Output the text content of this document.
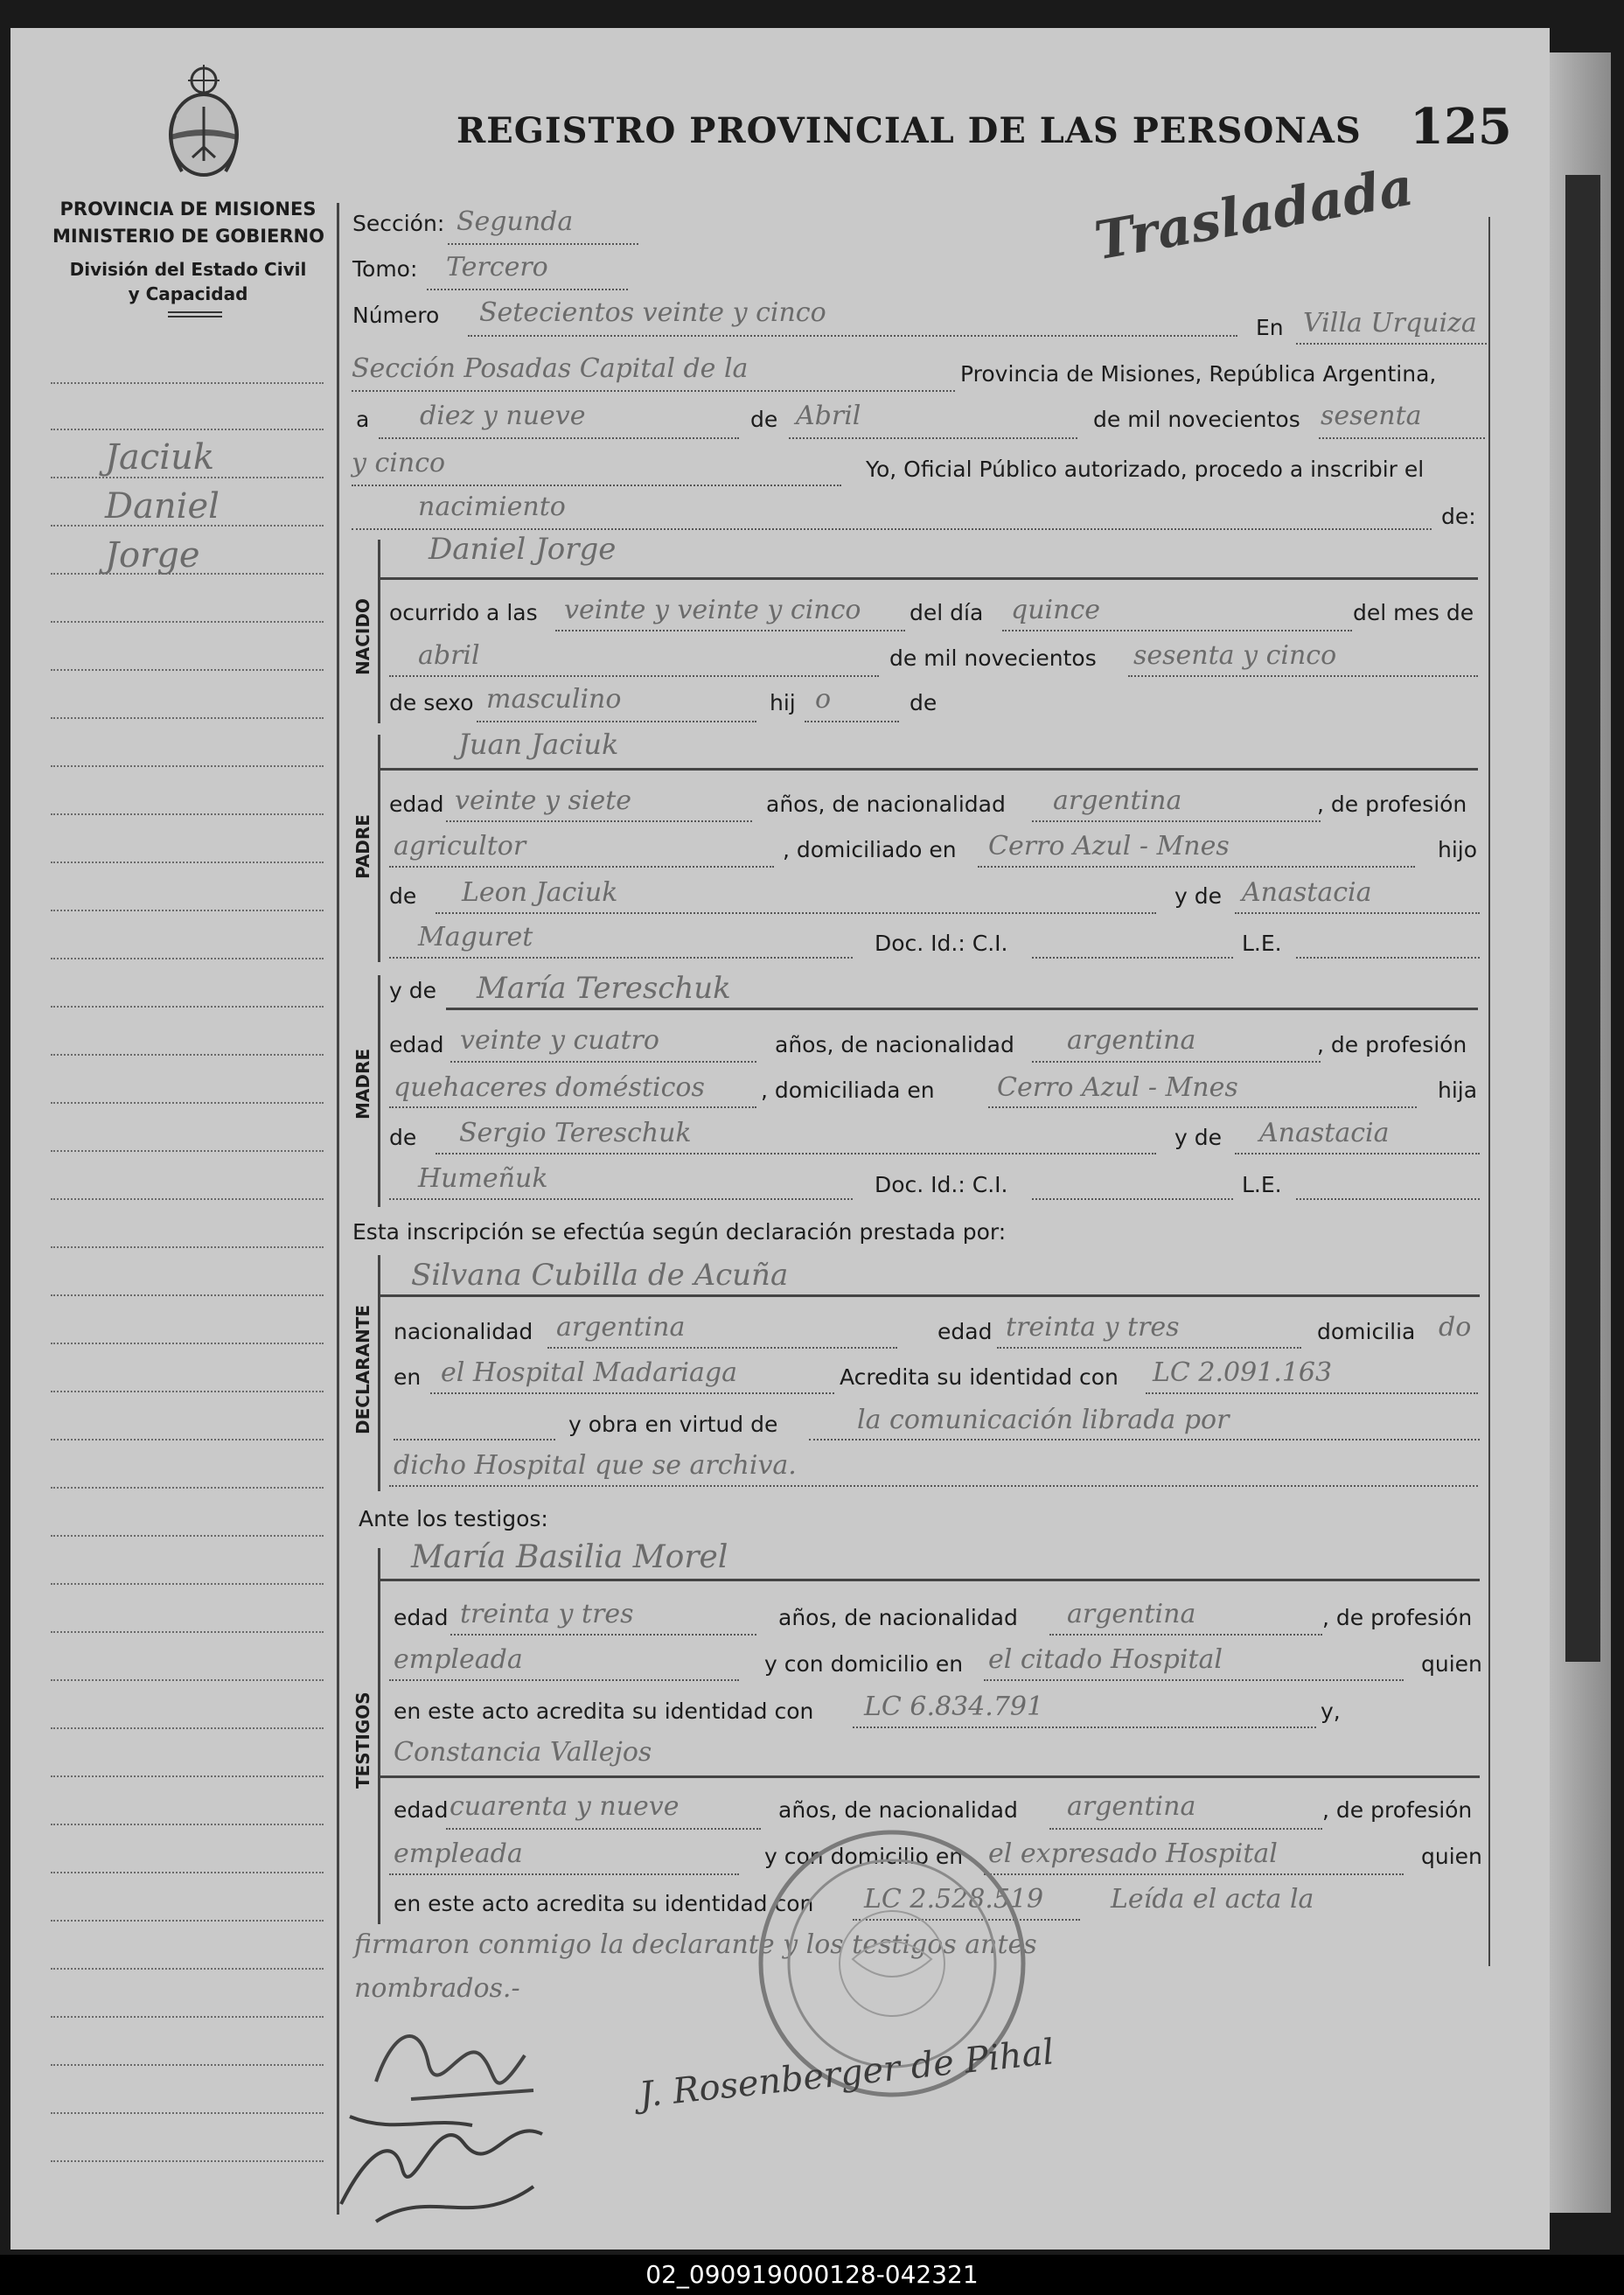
PROVINCIA DE MISIONES
MINISTERIO DE GOBIERNO
División del Estado Civil
y Capacidad
REGISTRO PROVINCIAL DE LAS PERSONAS 125
Trasladada
Jaciuk
Daniel
Jorge
Sección: Segunda
Tomo: Tercero
Número Setecientos veinte y cinco	En Villa Urquiza
Sección Posadas Capital de la	Provincia de Misiones, República Argentina,
a diez y nueve	de Abril	de mil novecientos sesenta
y cinco	Yo, Oficial Público autorizado, procedo a inscribir el
nacimiento	de:
NACIDO
Daniel Jorge
ocurrido a las veinte y veinte y cinco del día quince	del mes de
abril	de mil novecientos sesenta y cinco
de sexo masculino	hij o	de
PADRE
Juan Jaciuk
edad veinte y siete	años, de nacionalidad argentina	, de profesión
agricultor	, domiciliado en Cerro Azul - Mnes	hijo
de Leon Jaciuk	y de Anastacia
Maguret	Doc. Id.: C.I.	L.E.
MADRE
y de María Tereschuk
edad veinte y cuatro	años, de nacionalidad argentina	, de profesión
quehaceres domésticos	, domiciliada en Cerro Azul - Mnes	hija
de Sergio Tereschuk	y de Anastacia
Humeñuk	Doc. Id.: C.I.	L.E.
Esta inscripción se efectúa según declaración prestada por:
DECLARANTE
Silvana Cubilla de Acuña
nacionalidad argentina	edad treinta y tres	domicilia do
en el Hospital Madariaga	Acredita su identidad con LC 2.091.163
y obra en virtud de	la comunicación librada por
dicho Hospital que se archiva.
Ante los testigos:
TESTIGOS
María Basilia Morel
edad treinta y tres	años, de nacionalidad argentina	, de profesión
empleada	y con domicilio en el citado Hospital	quien
en este acto acredita su identidad con LC 6.834.791	y,
Constancia Vallejos
edad cuarenta y nueve	años, de nacionalidad argentina	, de profesión
empleada	y con domicilio en el expresado Hospital	quien
en este acto acredita su identidad con LC 2.528.519	Leída el acta la
firmaron conmigo la declarante y los testigos antes
nombrados.-
J. Rosenberger de Pihal
02_090919000128-042321
